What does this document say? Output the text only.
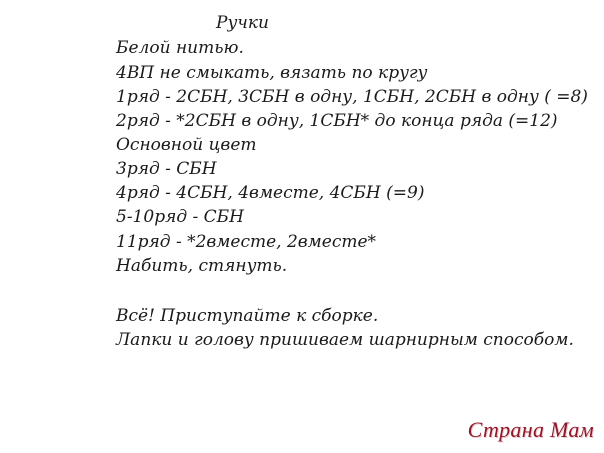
Ручки
Белой нитью.
4ВП не смыкать, вязать по кругу
1ряд - 2СБН, 3СБН в одну, 1СБН, 2СБН в одну ( =8)
2ряд - *2СБН в одну, 1СБН* до конца ряда (=12)
Основной цвет
3ряд - СБН
4ряд - 4СБН, 4вместе, 4СБН (=9)
5-10ряд - СБН
11ряд - *2вместе, 2вместе*
Набить, стянуть.
Всё! Приступайте к сборке.
Лапки и голову пришиваем шарнирным способом.
Страна Мам
